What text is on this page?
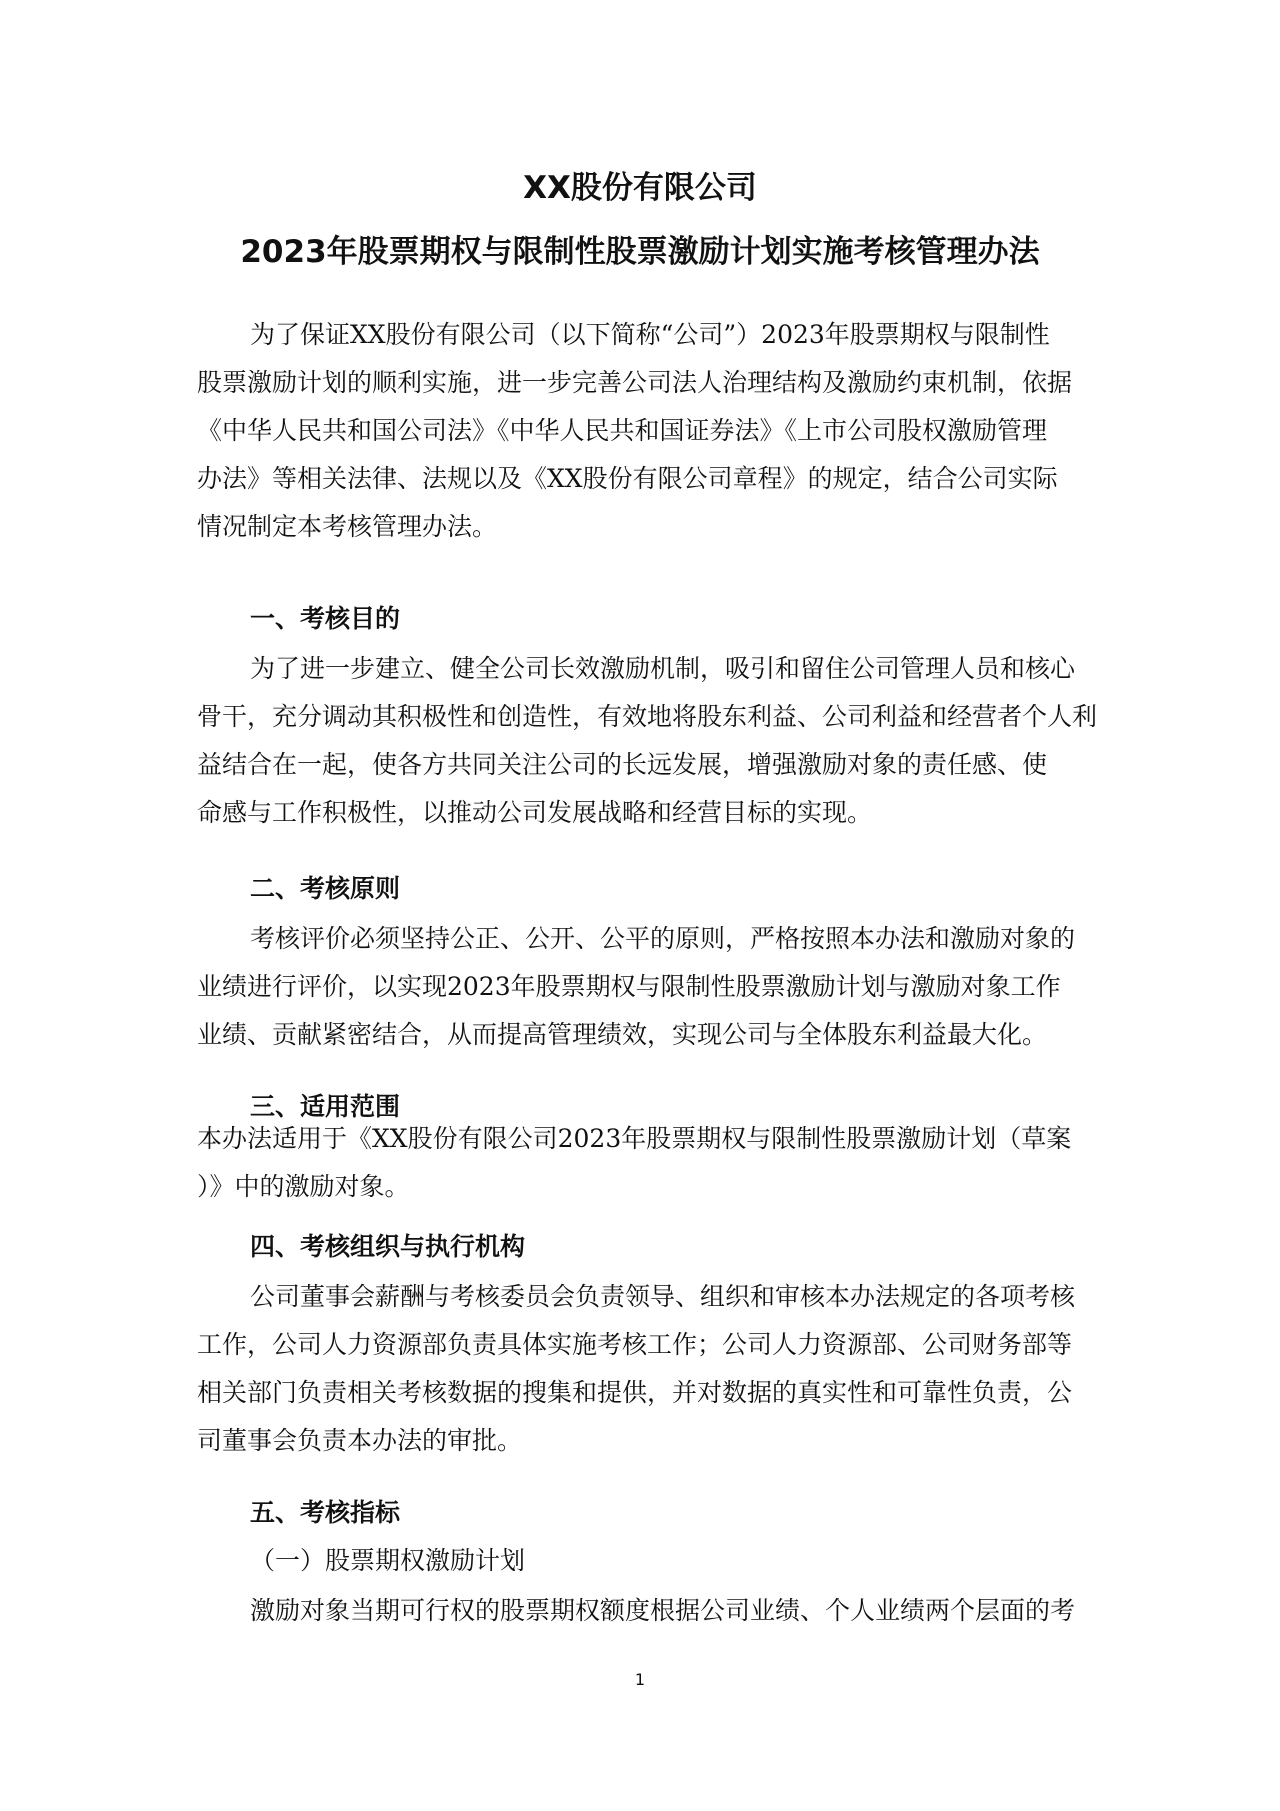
XX股份有限公司
2023年股票期权与限制性股票激励计划实施考核管理办法
为了保证XX股份有限公司（以下简称“公司”）2023年股票期权与限制性
股票激励计划的顺利实施，进一步完善公司法人治理结构及激励约束机制，依据
《中华人民共和国公司法》《中华人民共和国证券法》《上市公司股权激励管理
办法》等相关法律、法规以及《XX股份有限公司章程》的规定，结合公司实际
情况制定本考核管理办法。
一、考核目的
为了进一步建立、健全公司长效激励机制，吸引和留住公司管理人员和核心
骨干，充分调动其积极性和创造性，有效地将股东利益、公司利益和经营者个人利
益结合在一起，使各方共同关注公司的长远发展，增强激励对象的责任感、使
命感与工作积极性，以推动公司发展战略和经营目标的实现。
二、考核原则
考核评价必须坚持公正、公开、公平的原则，严格按照本办法和激励对象的
业绩进行评价，以实现2023年股票期权与限制性股票激励计划与激励对象工作
业绩、贡献紧密结合，从而提高管理绩效，实现公司与全体股东利益最大化。
三、适用范围
本办法适用于《XX股份有限公司2023年股票期权与限制性股票激励计划（草案
）》中的激励对象。
四、考核组织与执行机构
公司董事会薪酬与考核委员会负责领导、组织和审核本办法规定的各项考核
工作，公司人力资源部负责具体实施考核工作；公司人力资源部、公司财务部等
相关部门负责相关考核数据的搜集和提供，并对数据的真实性和可靠性负责，公
司董事会负责本办法的审批。
五、考核指标
（一）股票期权激励计划
激励对象当期可行权的股票期权额度根据公司业绩、个人业绩两个层面的考
1
